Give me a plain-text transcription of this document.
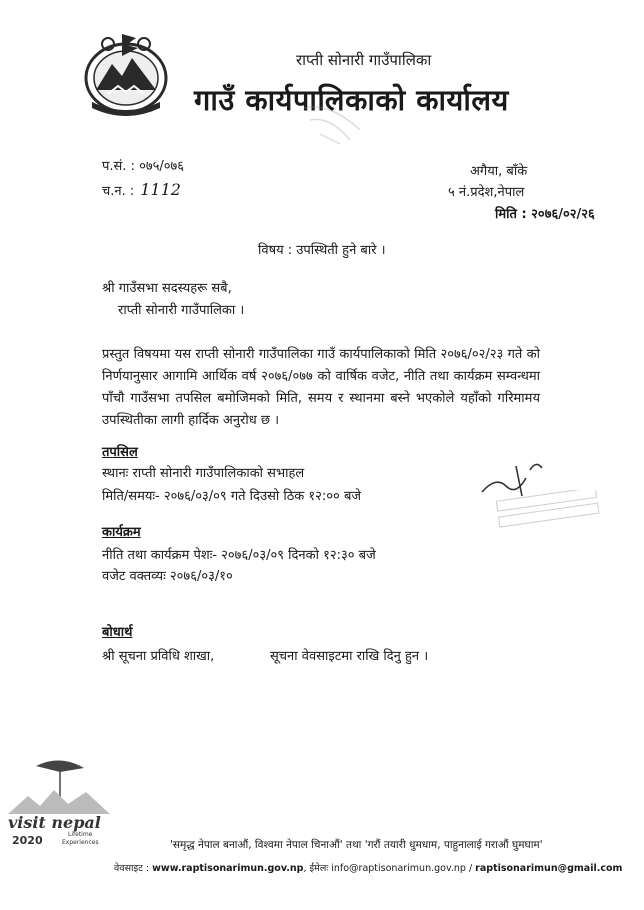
राप्ती सोनारी गाउँपालिका
गाउँ कार्यपालिकाको कार्यालय
प.सं. : ०७५/०७६
च.न. : 1112
अगैया, बाँके
५ नं.प्रदेश,नेपाल
मिति : २०७६/०२/२६
विषय : उपस्थिती हुने बारे ।
श्री गाउँसभा सदस्यहरू सबै,
राप्ती सोनारी गाउँपालिका ।
प्रस्तुत विषयमा यस राप्ती सोनारी गाउँपालिका गाउँ कार्यपालिकाको मिति २०७६/०२/२३ गते को निर्णयानुसार आगामि आर्थिक वर्ष २०७६/०७७ को वार्षिक वजेट, नीति तथा कार्यक्रम सम्वन्धमा पाँचौ गाउँसभा तपसिल बमोजिमको मिति, समय र स्थानमा बस्ने भएकोले यहाँको गरिमामय उपस्थितीका लागी हार्दिक अनुरोध छ ।
तपसिल
स्थानः राप्ती सोनारी गाउँपालिकाको सभाहल
मिति/समयः- २०७६/०३/०९ गते दिउसो ठिक १२:०० बजे
कार्यक्रम
नीति तथा कार्यक्रम पेशः- २०७६/०३/०९ दिनको १२:३० बजे
वजेट वक्तव्यः २०७६/०३/१०
बोधार्थ
श्री सूचना प्रविधि शाखा,	सूचना वेवसाइटमा राखि दिनु हुन ।
visit nepal
2020	Lifetime
Experiences	'समृद्ध नेपाल बनाऔं, विश्वमा नेपाल चिनाऔं' तथा 'गरौं तयारी धुमधाम, पाहुनालाई गराऔं घुमघाम'
वेवसाइट : www.raptisonarimun.gov.np, ईमेलः info@raptisonarimun.gov.np / raptisonarimun@gmail.com
